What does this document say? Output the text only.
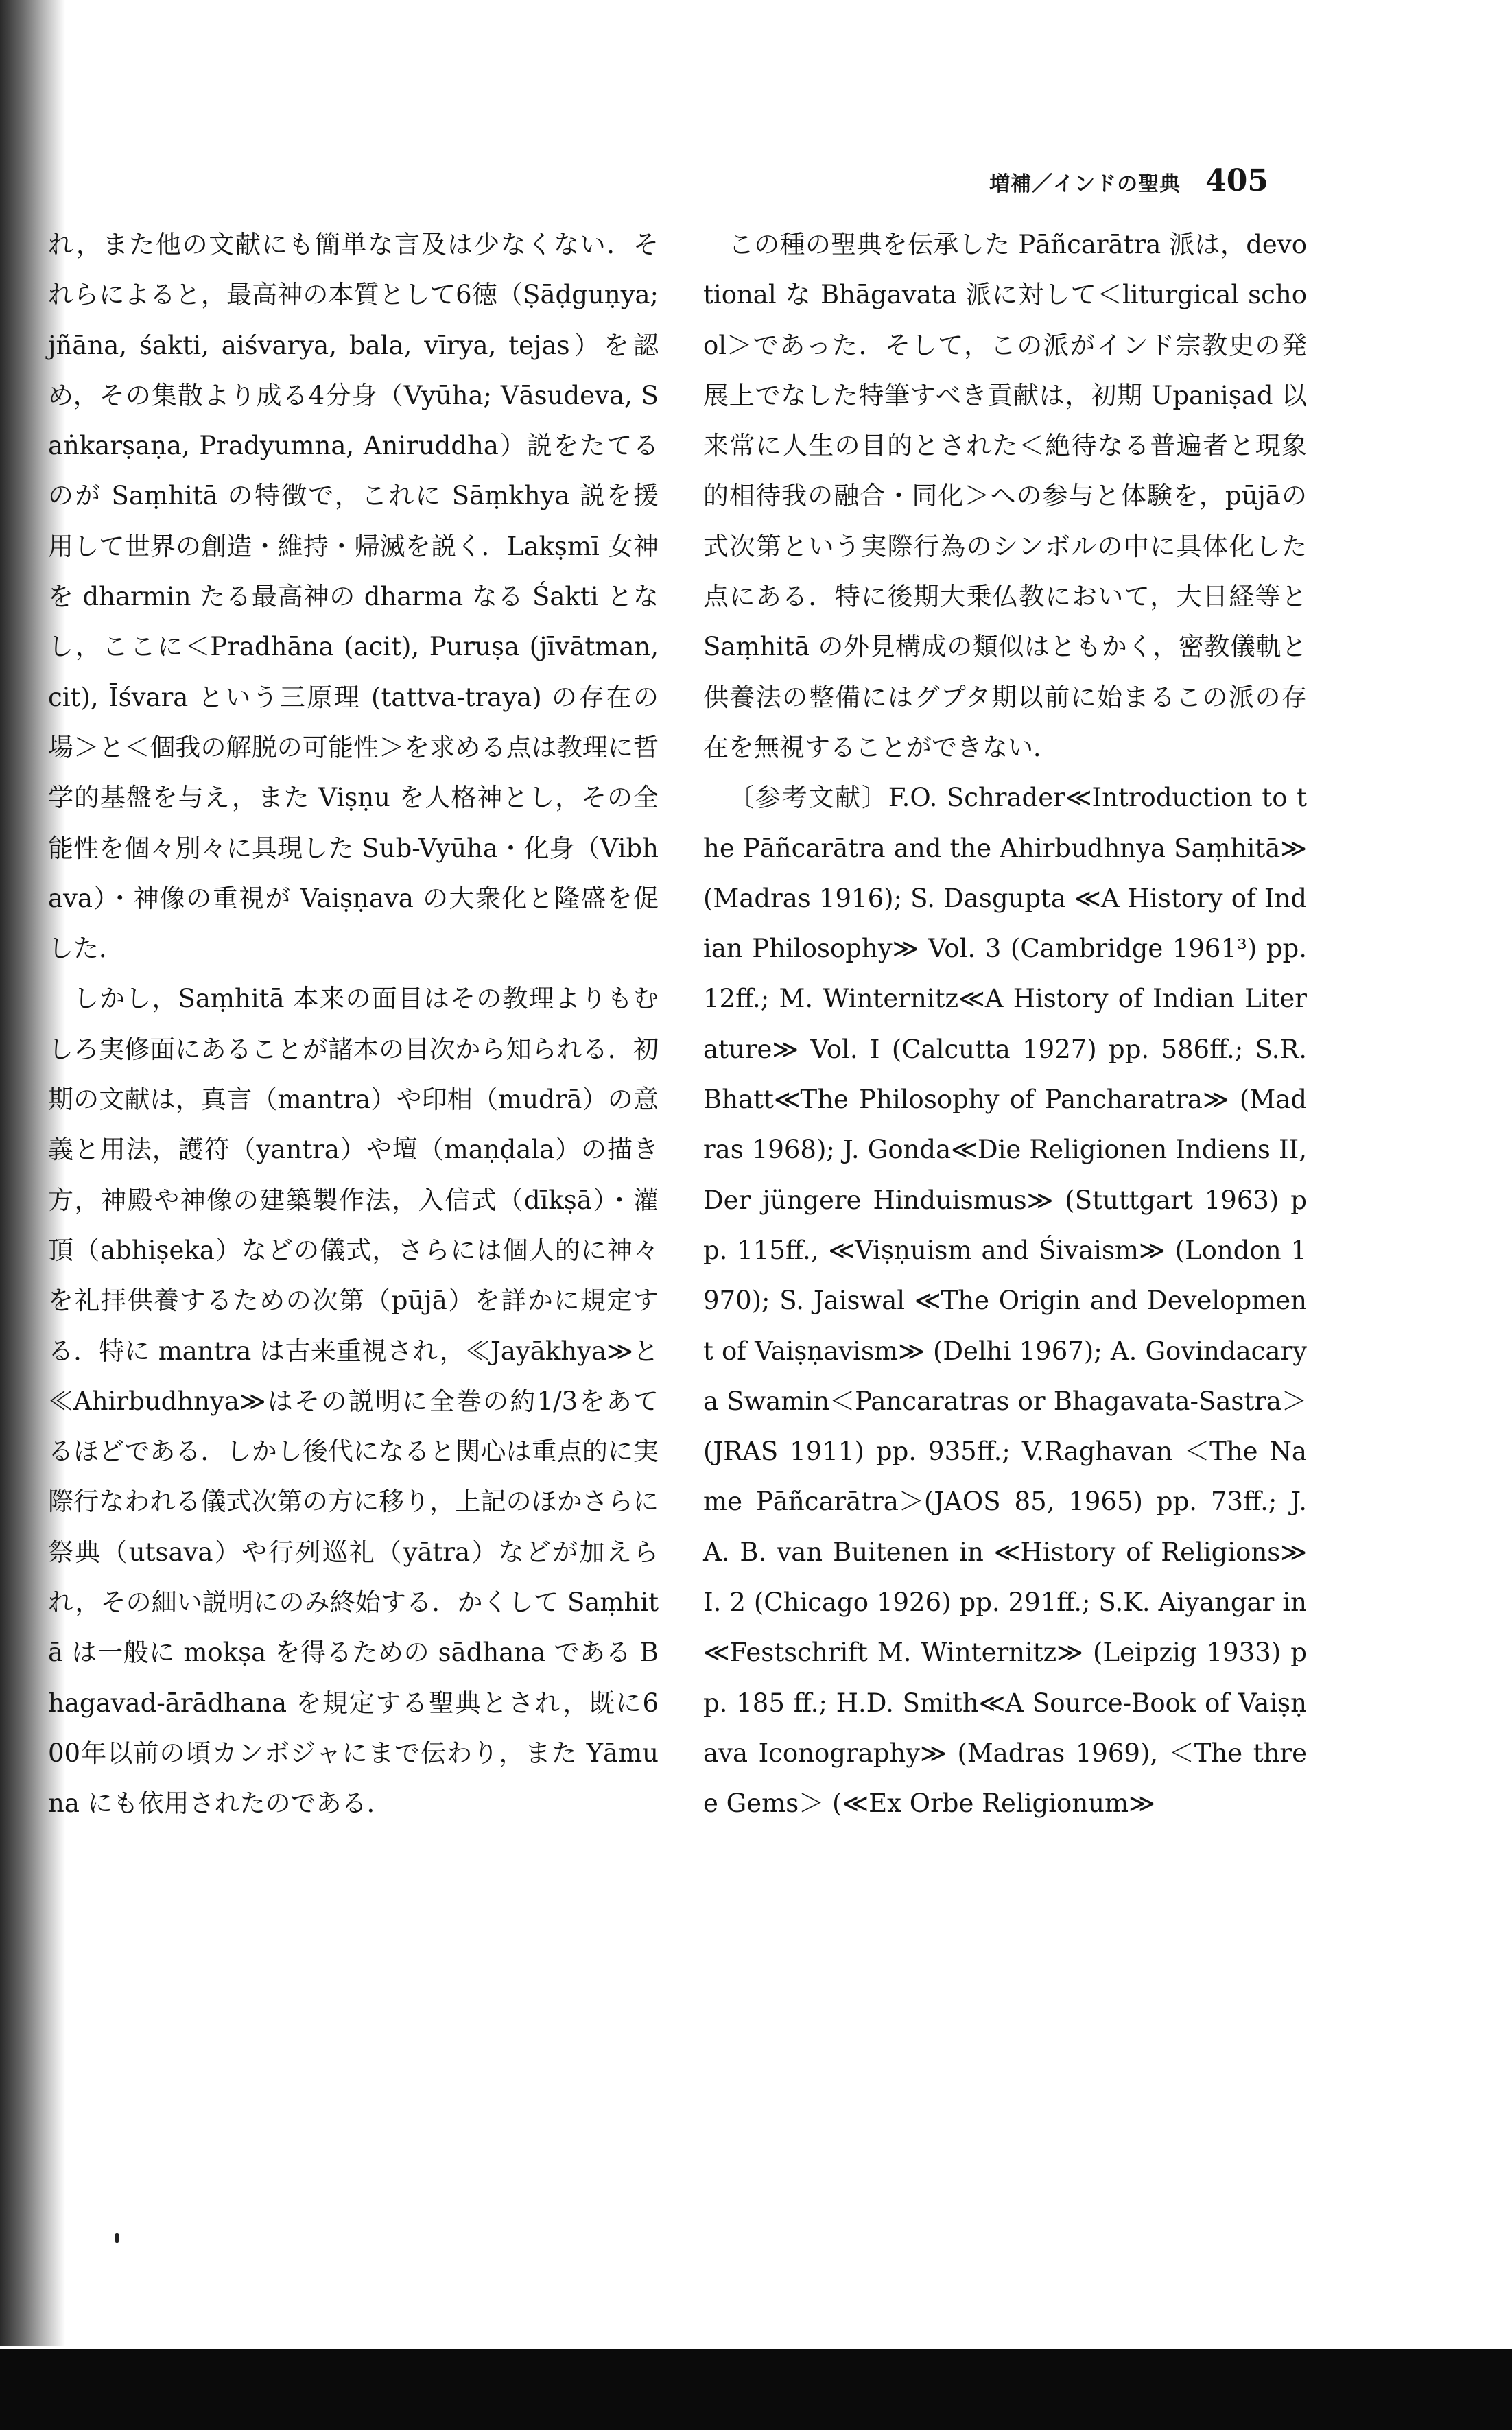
増補／インドの聖典 405

れ，また他の文献にも簡単な言及は少なくない．それらによると，最高神の本質として6徳（Ṣāḍguṇya; jñāna, śakti, aiśvarya, bala, vīrya, tejas）を認め，その集散より成る4分身（Vyūha; Vāsudeva, Saṅkarṣaṇa, Pradyumna, Aniruddha）説をたてるのが Saṃhitā の特徴で，これに Sāṃkhya 説を援用して世界の創造・維持・帰滅を説く．Lakṣmī 女神を dharmin たる最高神の dharma なる Śakti となし，ここに＜Pradhāna (acit), Puruṣa (jīvātman, cit), Īśvara という三原理 (tattva-traya) の存在の場＞と＜個我の解脱の可能性＞を求める点は教理に哲学的基盤を与え，また Viṣṇu を人格神とし，その全能性を個々別々に具現した Sub-Vyūha・化身（Vibhava）・神像の重視が Vaiṣṇava の大衆化と隆盛を促した．

しかし，Saṃhitā 本来の面目はその教理よりもむしろ実修面にあることが諸本の目次から知られる．初期の文献は，真言（mantra）や印相（mudrā）の意義と用法，護符（yantra）や壇（maṇḍala）の描き方，神殿や神像の建築製作法，入信式（dīkṣā）・灌頂（abhiṣeka）などの儀式，さらには個人的に神々を礼拝供養するための次第（pūjā）を詳かに規定する．特に mantra は古来重視され，≪Jayākhya≫と≪Ahirbudhnya≫はその説明に全巻の約1/3をあてるほどである．しかし後代になると関心は重点的に実際行なわれる儀式次第の方に移り，上記のほかさらに祭典（utsava）や行列巡礼（yātra）などが加えられ，その細い説明にのみ終始する．かくして Saṃhitā は一般に mokṣa を得るための sādhana である Bhagavad-ārādhana を規定する聖典とされ，既に600年以前の頃カンボジャにまで伝わり，また Yāmuna にも依用されたのである．

この種の聖典を伝承した Pāñcarātra 派は，devotional な Bhāgavata 派に対して＜liturgical school＞であった．そして，この派がインド宗教史の発展上でなした特筆すべき貢献は，初期 Upaniṣad 以来常に人生の目的とされた＜絶待なる普遍者と現象的相待我の融合・同化＞への参与と体験を，pūjāの式次第という実際行為のシンボルの中に具体化した点にある．特に後期大乗仏教において，大日経等と Saṃhitā の外見構成の類似はともかく，密教儀軌と供養法の整備にはグプタ期以前に始まるこの派の存在を無視することができない．

〔参考文献〕F.O. Schrader≪Introduction to the Pāñcarātra and the Ahirbudhnya Saṃhitā≫ (Madras 1916); S. Dasgupta ≪A History of Indian Philosophy≫ Vol. 3 (Cambridge 1961³) pp. 12ff.; M. Winternitz≪A History of Indian Literature≫ Vol. I (Calcutta 1927) pp. 586ff.; S.R. Bhatt≪The Philosophy of Pancharatra≫ (Madras 1968); J. Gonda≪Die Religionen Indiens II, Der jüngere Hinduismus≫ (Stuttgart 1963) pp. 115ff., ≪Viṣṇuism and Śivaism≫ (London 1970); S. Jaiswal ≪The Origin and Development of Vaiṣṇavism≫ (Delhi 1967); A. Govindacarya Swamin＜Pancaratras or Bhagavata-Sastra＞(JRAS 1911) pp. 935ff.; V.Raghavan ＜The Name Pāñcarātra＞(JAOS 85, 1965) pp. 73ff.; J. A. B. van Buitenen in ≪History of Religions≫ I. 2 (Chicago 1926) pp. 291ff.; S.K. Aiyangar in≪Festschrift M. Winternitz≫ (Leipzig 1933) pp. 185 ff.; H.D. Smith≪A Source-Book of Vaiṣṇava Iconography≫ (Madras 1969), ＜The three Gems＞ (≪Ex Orbe Religionum≫
